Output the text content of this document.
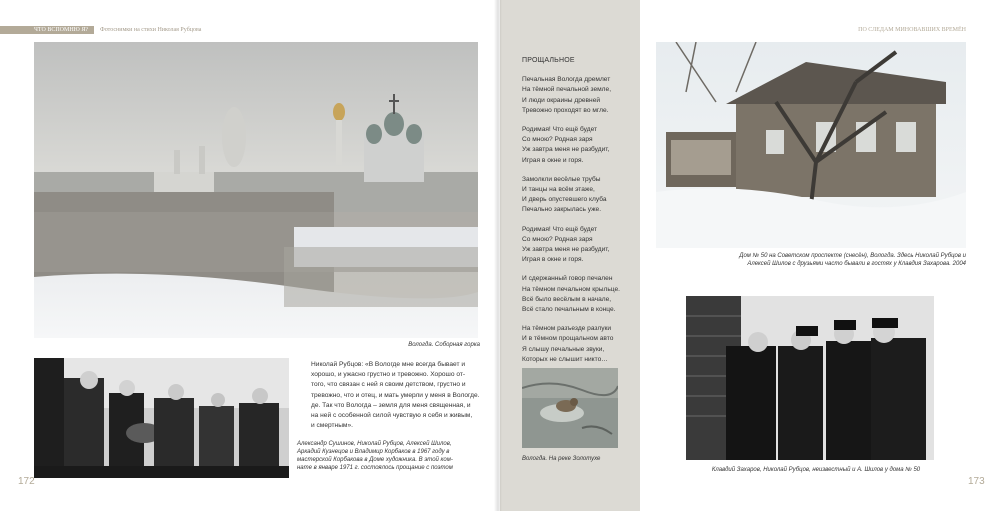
ЧТО ВСПОМНЮ Я?	Фотоснимки на стихи Николая Рубцова	ПО СЛЕДАМ МИНОВАВШИХ ВРЕМЁН
Вологда. Соборная горка
Александр Сушинов, Николай Рубцов, Алексей Шилов,
Аркадий Кузнецов и Владимир Корбаков в 1967 году в
мастерской Корбакова в Доме художника. В этой ком-
нате в январе 1971 г. состоялось прощание с поэтом
Николай Рубцов: «В Вологде мне всегда бывает и
хорошо, и ужасно грустно и тревожно. Хорошо от-
того, что связан с ней я своим детством, грустно и
тревожно, что и отец, и мать умерли у меня в Вологде.
де. Так что Вологда – земля для меня священная, и
на ней с особенной силой чувствую я себя и живым,
и смертным».
172
ПРОЩАЛЬНОЕ
Печальная Вологда дремлет
На тёмной печальной земле,
И люди окраины древней
Тревожно проходят во мгле.
Родимая! Что ещё будет
Со мною? Родная заря
Уж завтра меня не разбудит,
Играя в окне и горя.
Замолкли весёлые трубы
И танцы на всём этаже,
И дверь опустевшего клуба
Печально закрылась уже.
Родимая! Что ещё будет
Со мною? Родная заря
Уж завтра меня не разбудит,
Играя в окне и горя.
И сдержанный говор печален
На тёмном печальном крыльце.
Всё было весёлым в начале,
Всё стало печальным в конце.
На тёмном разъезде разлуки
И в тёмном прощальном авто
Я слышу печальные звуки,
Которых не слышит никто…
Вологда. На реке Золотухе
Дом № 50 на Советском проспекте (снесён), Вологда. Здесь Николай Рубцов и
Алексей Шилов с друзьями часто бывали в гостях у Клавдия Захарова. 2004
Клавдий Захаров, Николай Рубцов, неизвестный и А. Шилов у дома № 50
173
